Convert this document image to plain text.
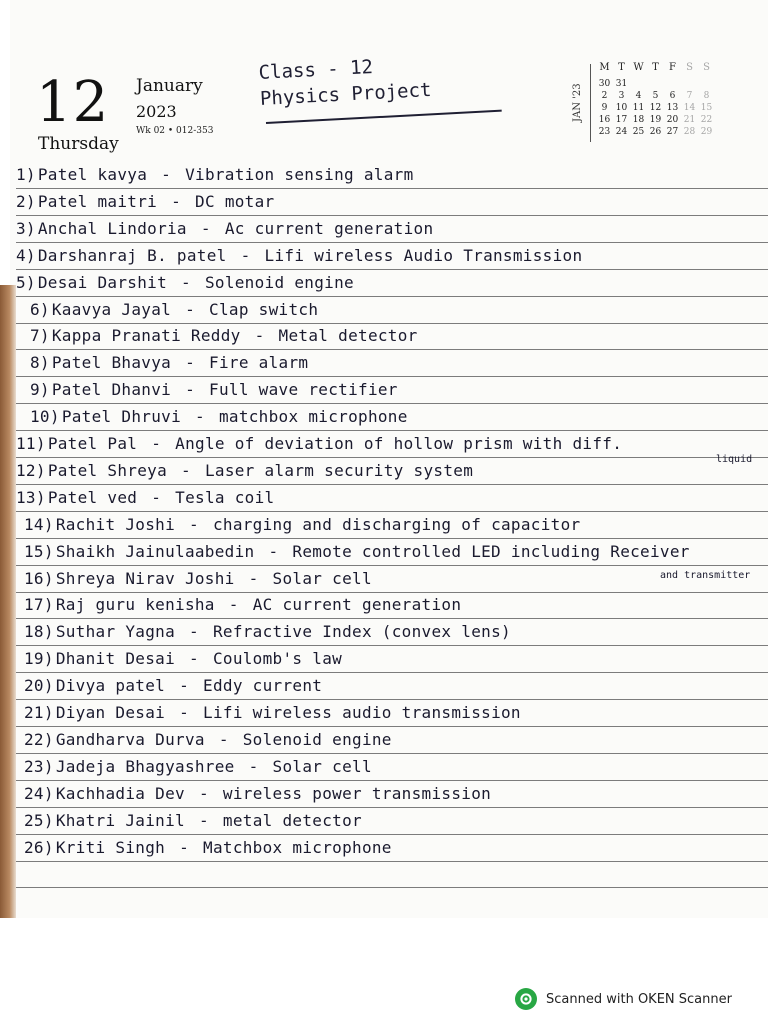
12 January
2023
Wk 02 • 012-353
Thursday
Class - 12
Physics Project	JAN '23
M T W T F S S
30 31
2 3 4 5 6 7 8
9 10 11 12 13 14 15
16 17 18 19 20 21 22
23 24 25 26 27 28 29
1) Patel kavya - Vibration sensing alarm
2) Patel maitri - DC motar
3) Anchal Lindoria - Ac current generation
4) Darshanraj B. patel - Lifi wireless Audio Transmission
5) Desai Darshit - Solenoid engine
6) Kaavya Jayal - Clap switch
7) Kappa Pranati Reddy - Metal detector
8) Patel Bhavya - Fire alarm
9) Patel Dhanvi - Full wave rectifier
10) Patel Dhruvi - matchbox microphone
11) Patel Pal - Angle of deviation of hollow prism with diff.
12) Patel Shreya - Laser alarm security system
13) Patel ved - Tesla coil
14) Rachit Joshi - charging and discharging of capacitor
15) Shaikh Jainulaabedin - Remote controlled LED including Receiver
16) Shreya Nirav Joshi - Solar cell
17) Raj guru kenisha - AC current generation
18) Suthar Yagna - Refractive Index (convex lens)
19) Dhanit Desai - Coulomb's law
20) Divya patel - Eddy current
21) Diyan Desai - Lifi wireless audio transmission
22) Gandharva Durva - Solenoid engine
23) Jadeja Bhagyashree - Solar cell
24) Kachhadia Dev - wireless power transmission
25) Khatri Jainil - metal detector
26) Kriti Singh - Matchbox microphone
liquid
and transmitter
Scanned with OKEN Scanner
